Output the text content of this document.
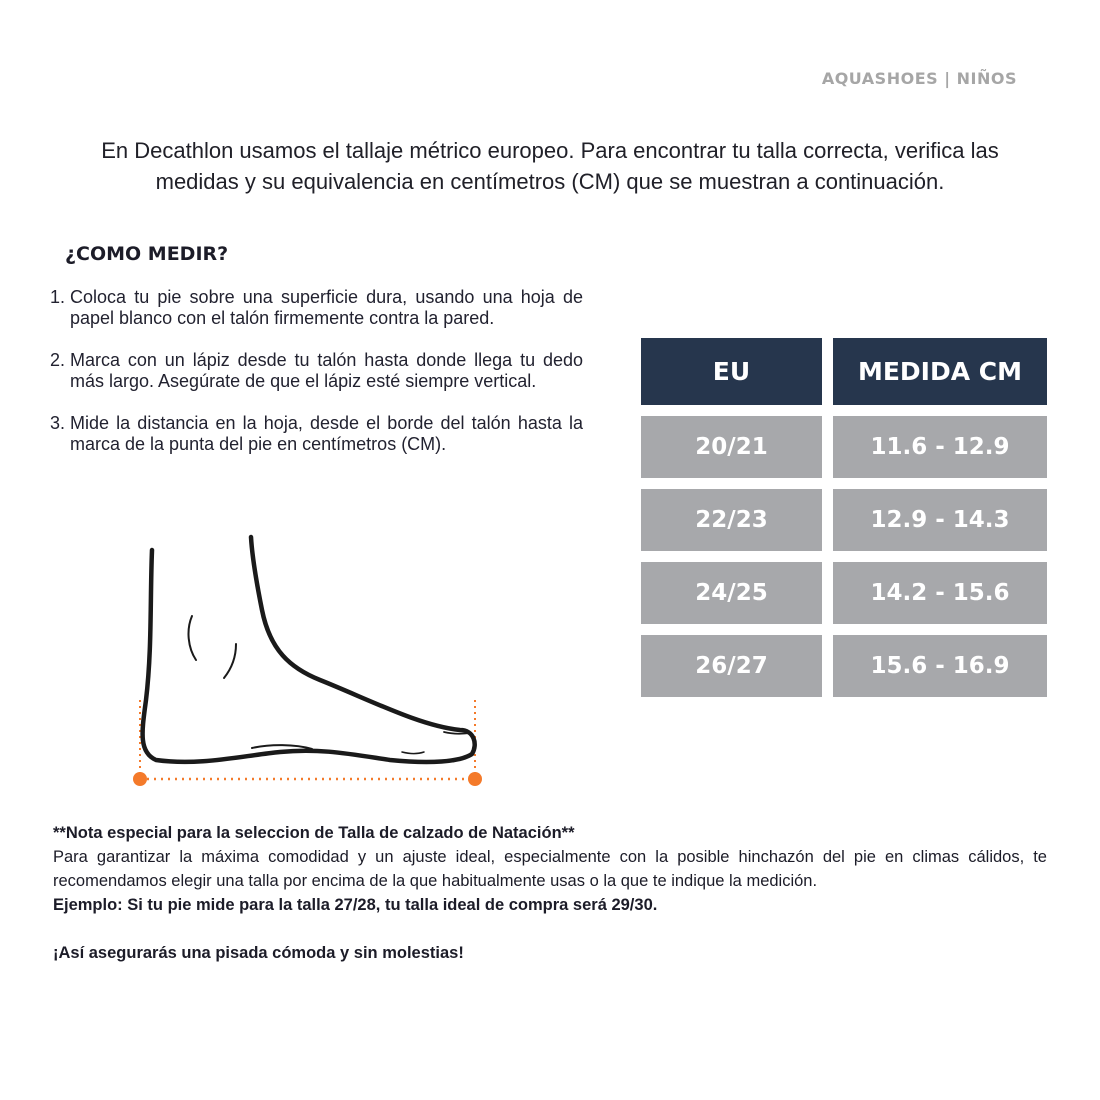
AQUASHOES | NIÑOS
En Decathlon usamos el tallaje métrico europeo. Para encontrar tu talla correcta, verifica las medidas y su equivalencia en centímetros (CM) que se muestran a continuación.
¿COMO MEDIR?
1. Coloca tu pie sobre una superficie dura, usando una hoja de papel blanco con el talón firmemente contra la pared.
2. Marca con un lápiz desde tu talón hasta donde llega tu dedo más largo. Asegúrate de que el lápiz esté siempre vertical.
3. Mide la distancia en la hoja, desde el borde del talón hasta la marca de la punta del pie en centímetros (CM).
EU	MEDIDA CM
20/21	11.6 - 12.9
22/23	12.9 - 14.3
24/25	14.2 - 15.6
26/27	15.6 - 16.9

**Nota especial para la seleccion de Talla de calzado de Natación**

Para garantizar la máxima comodidad y un ajuste ideal, especialmente con la posible hinchazón del pie en climas cálidos, te recomendamos elegir una talla por encima de la que habitualmente usas o la que te indique la medición.

Ejemplo: Si tu pie mide para la talla 27/28, tu talla ideal de compra será 29/30.

¡Así asegurarás una pisada cómoda y sin molestias!
